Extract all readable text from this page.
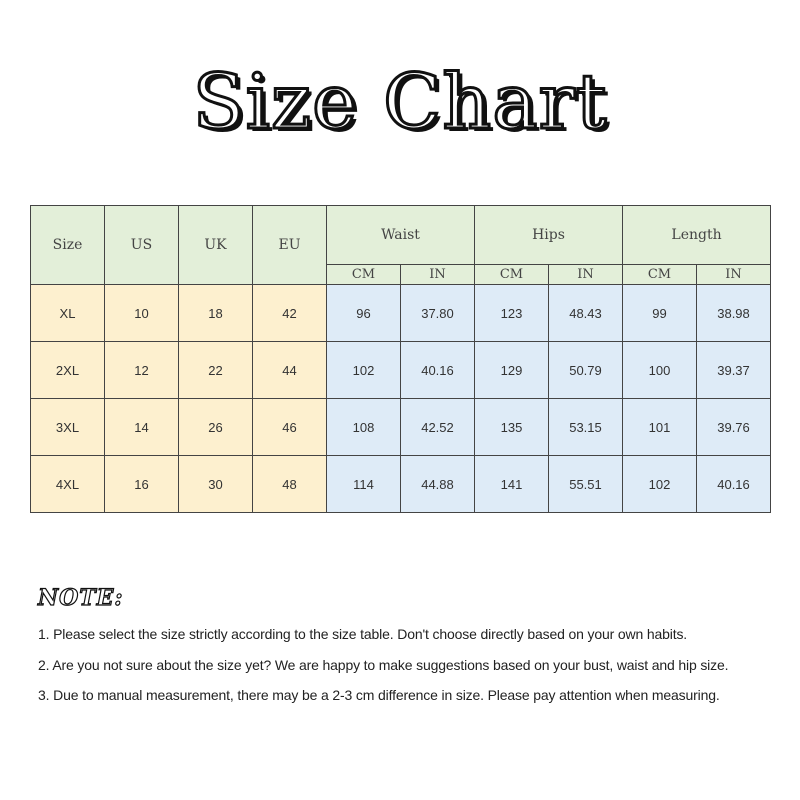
Size Chart
Size	US	UK	EU	Waist		Hips		Length	
				CM	IN	CM	IN	CM	IN
XL	10	18	42	96	37.80	123	48.43	99	38.98
2XL	12	22	44	102	40.16	129	50.79	100	39.37
3XL	14	26	46	108	42.52	135	53.15	101	39.76
4XL	16	30	48	114	44.88	141	55.51	102	40.16
NOTE:

1. Please select the size strictly according to the size table. Don't choose directly based on your own habits.

2. Are you not sure about the size yet? We are happy to make suggestions based on your bust, waist and hip size.

3. Due to manual measurement, there may be a 2-3 cm difference in size. Please pay attention when measuring.
